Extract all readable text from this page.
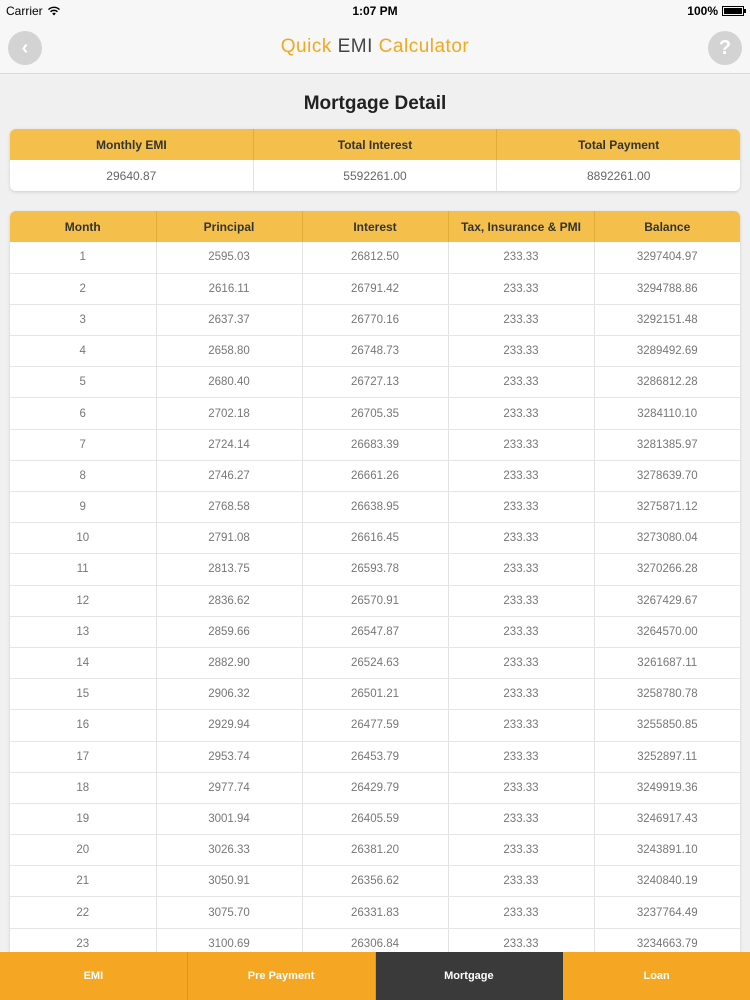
Carrier	1:07 PM	100%
‹	Quick EMI Calculator	?
Mortgage Detail
Monthly EMI	Total Interest	Total Payment
29640.87	5592261.00	8892261.00
Month	Principal	Interest	Tax, Insurance & PMI	Balance
1	2595.03	26812.50	233.33	3297404.97
2	2616.11	26791.42	233.33	3294788.86
3	2637.37	26770.16	233.33	3292151.48
4	2658.80	26748.73	233.33	3289492.69
5	2680.40	26727.13	233.33	3286812.28
6	2702.18	26705.35	233.33	3284110.10
7	2724.14	26683.39	233.33	3281385.97
8	2746.27	26661.26	233.33	3278639.70
9	2768.58	26638.95	233.33	3275871.12
10	2791.08	26616.45	233.33	3273080.04
11	2813.75	26593.78	233.33	3270266.28
12	2836.62	26570.91	233.33	3267429.67
13	2859.66	26547.87	233.33	3264570.00
14	2882.90	26524.63	233.33	3261687.11
15	2906.32	26501.21	233.33	3258780.78
16	2929.94	26477.59	233.33	3255850.85
17	2953.74	26453.79	233.33	3252897.11
18	2977.74	26429.79	233.33	3249919.36
19	3001.94	26405.59	233.33	3246917.43
20	3026.33	26381.20	233.33	3243891.10
21	3050.91	26356.62	233.33	3240840.19
22	3075.70	26331.83	233.33	3237764.49
23	3100.69	26306.84	233.33	3234663.79
EMI	Pre Payment	Mortgage	Loan
